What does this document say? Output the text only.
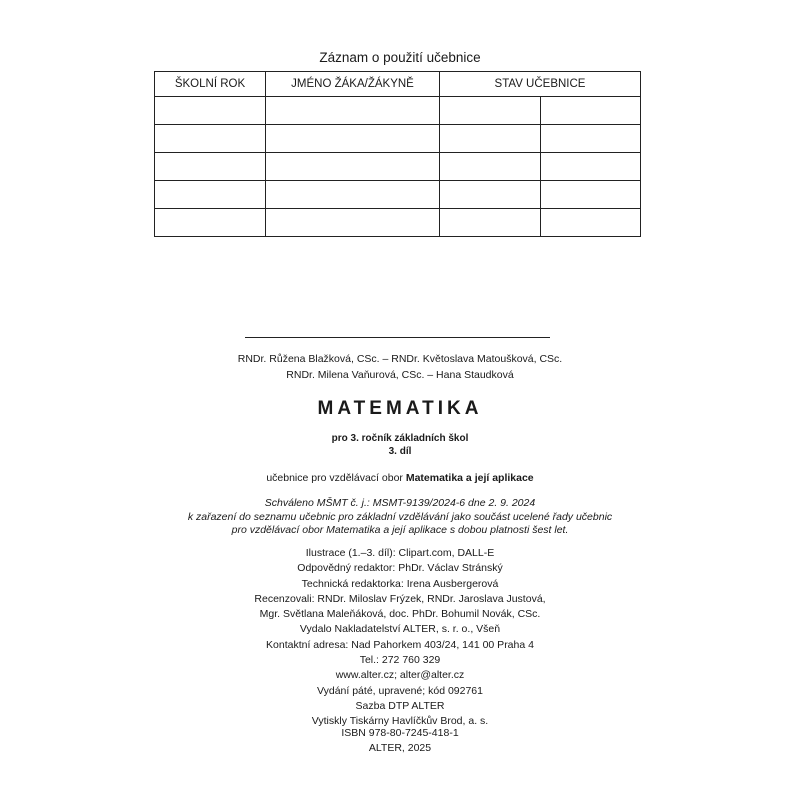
Záznam o použití učebnice
ŠKOLNÍ ROK	JMÉNO ŽÁKA/ŽÁKYNĚ	STAV UČEBNICE	

RNDr. Růžena Blažková, CSc. – RNDr. Květoslava Matoušková, CSc.
RNDr. Milena Vaňurová, CSc. – Hana Staudková
MATEMATIKA
pro 3. ročník základních škol
3. díl
učebnice pro vzdělávací obor Matematika a její aplikace
Schváleno MŠMT č. j.: MSMT-9139/2024-6 dne 2. 9. 2024
k zařazení do seznamu učebnic pro základní vzdělávání jako součást ucelené řady učebnic
pro vzdělávací obor Matematika a její aplikace s dobou platnosti šest let.
Ilustrace (1.–3. díl): Clipart.com, DALL-E
Odpovědný redaktor: PhDr. Václav Stránský
Technická redaktorka: Irena Ausbergerová
Recenzovali: RNDr. Miloslav Frýzek, RNDr. Jaroslava Justová,
Mgr. Světlana Maleňáková, doc. PhDr. Bohumil Novák, CSc.
Vydalo Nakladatelství ALTER, s. r. o., Všeň
Kontaktní adresa: Nad Pahorkem 403/24, 141 00 Praha 4
Tel.: 272 760 329
www.alter.cz; alter@alter.cz
Vydání páté, upravené; kód 092761
Sazba DTP ALTER
Vytiskly Tiskárny Havlíčkův Brod, a. s.
ISBN 978-80-7245-418-1
ALTER, 2025
